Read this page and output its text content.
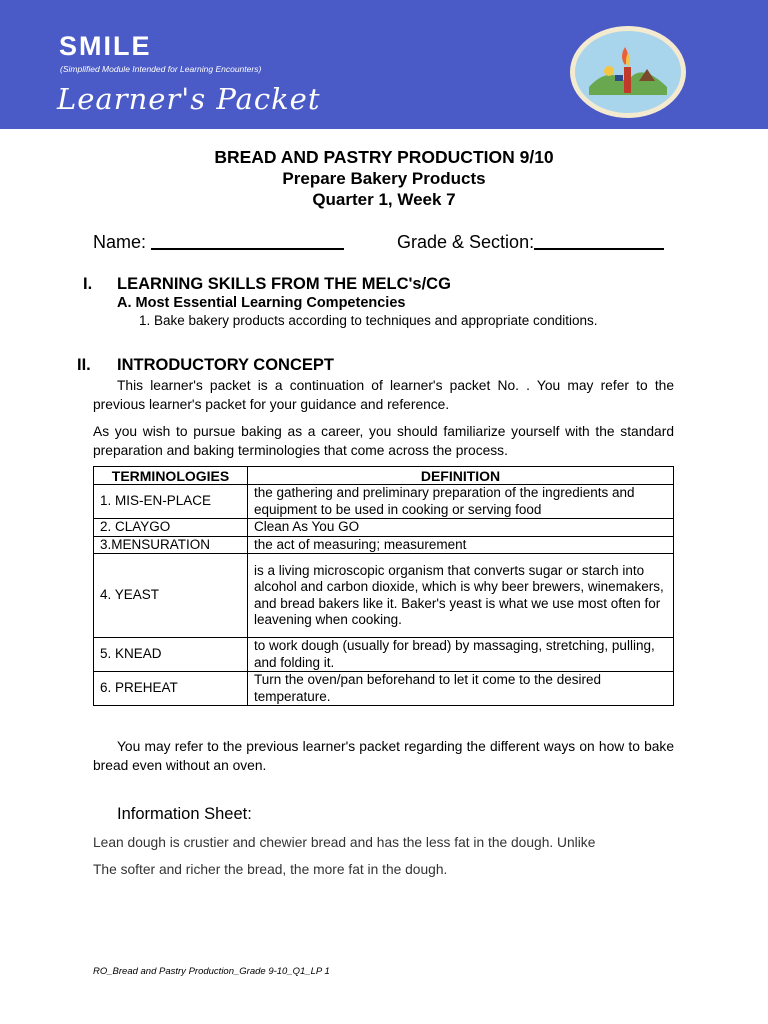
SMILE
(Simplified Module Intended for Learning Encounters)
Learner's Packet
BREAD AND PASTRY PRODUCTION 9/10
Prepare Bakery Products
Quarter 1, Week 7
Name:	Grade & Section:
I. LEARNING SKILLS FROM THE MELC's/CG
A. Most Essential Learning Competencies
1. Bake bakery products according to techniques and appropriate conditions.
II. INTRODUCTORY CONCEPT
This learner's packet is a continuation of learner's packet No. . You may refer to the previous learner's packet for your guidance and reference.
As you wish to pursue baking as a career, you should familiarize yourself with the standard preparation and baking terminologies that come across the process.
TERMINOLOGIES	DEFINITION
1. MIS-EN-PLACE	the gathering and preliminary preparation of the ingredients and equipment to be used in cooking or serving food
2. CLAYGO	Clean As You GO
3.MENSURATION	the act of measuring; measurement
4. YEAST	is a living microscopic organism that converts sugar or starch into alcohol and carbon dioxide, which is why beer brewers, winemakers, and bread bakers like it. Baker's yeast is what we use most often for leavening when cooking.
5. KNEAD	to work dough (usually for bread) by massaging, stretching, pulling, and folding it.
6. PREHEAT	Turn the oven/pan beforehand to let it come to the desired temperature.
You may refer to the previous learner's packet regarding the different ways on how to bake bread even without an oven.
Information Sheet:
Lean dough is crustier and chewier bread and has the less fat in the dough. Unlike
The softer and richer the bread, the more fat in the dough.
RO_Bread and Pastry Production_Grade 9-10_Q1_LP 1
